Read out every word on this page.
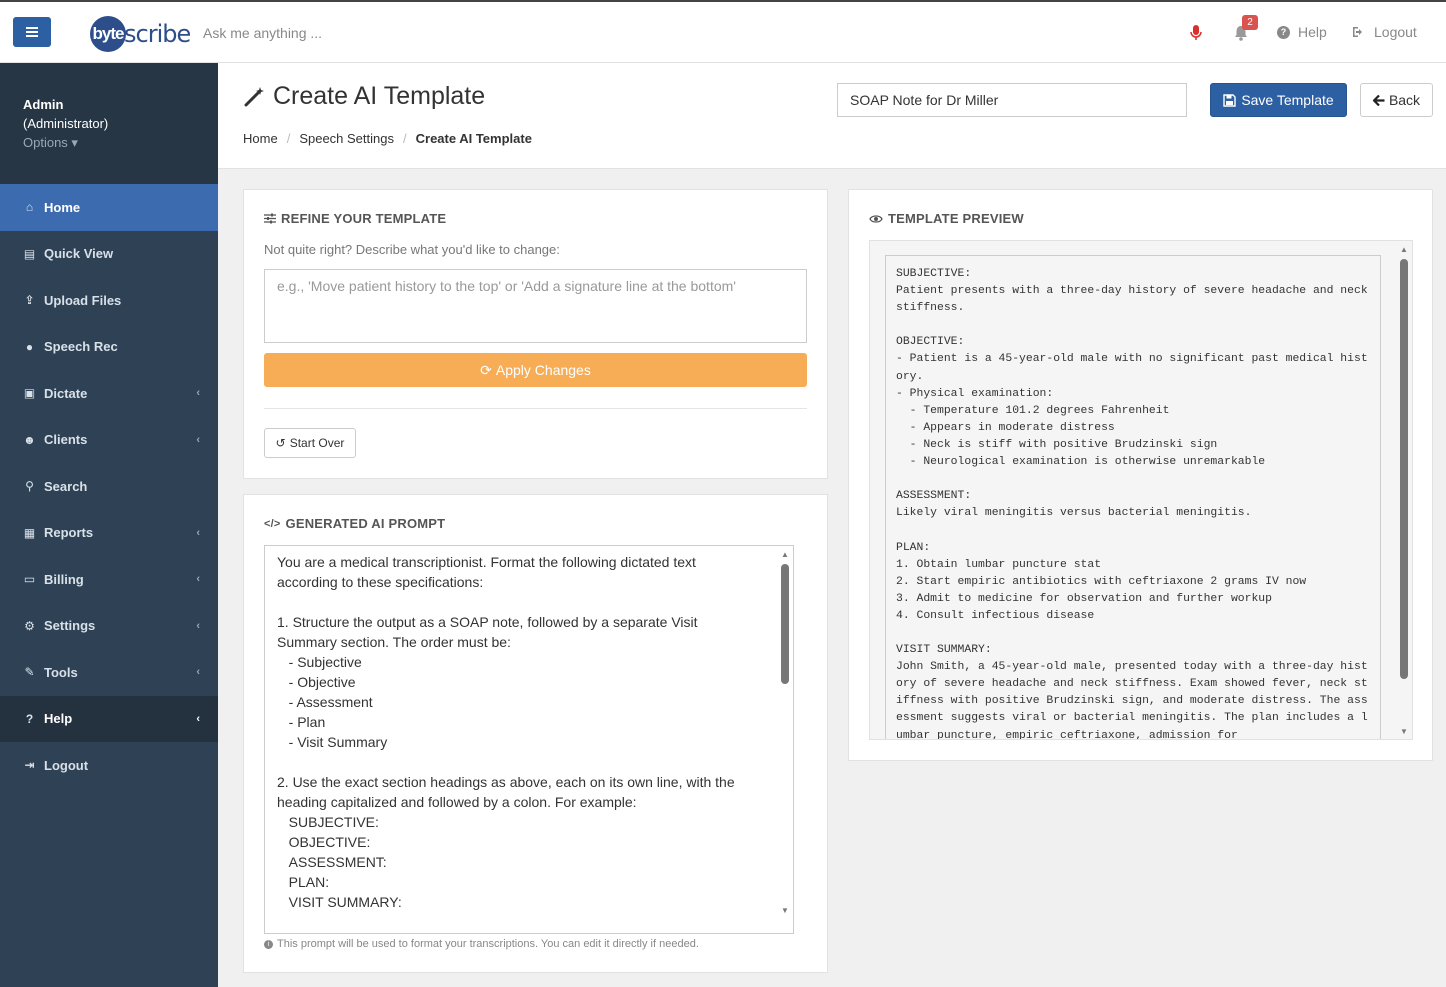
byte scribe Ask me anything ...
2
? Help	Logout
Admin
(Administrator)
Options ▾
⌂ Home
▤ Quick View
⇪ Upload Files
● Speech Rec
▣ Dictate	‹
☻ Clients	‹
⚲ Search
▦ Reports	‹
▭ Billing	‹
⚙ Settings	‹
✎ Tools	‹
? Help	‹
⇥ Logout
Create AI Template
Home / Speech Settings / Create AI Template
SOAP Note for Dr Miller	Save Template	Back
REFINE YOUR TEMPLATE
Not quite right? Describe what you'd like to change:
e.g., 'Move patient history to the top' or 'Add a signature line at the bottom'
⟳ Apply Changes
↺ Start Over
</> GENERATED AI PROMPT
You are a medical transcriptionist. Format the following dictated text according to these specifications:

1. Structure the output as a SOAP note, followed by a separate Visit Summary section. The order must be:
- Subjective
- Objective
- Assessment
- Plan
- Visit Summary

2. Use the exact section headings as above, each on its own line, with the heading capitalized and followed by a colon. For example:
SUBJECTIVE:
OBJECTIVE:
ASSESSMENT:
PLAN:
VISIT SUMMARY:
▲
▼
i This prompt will be used to format your transcriptions. You can edit it directly if needed.
TEMPLATE PREVIEW
SUBJECTIVE:
Patient presents with a three-day history of severe headache and neck stiffness.

OBJECTIVE:
- Patient is a 45-year-old male with no significant past medical history.
- Physical examination:
- Temperature 101.2 degrees Fahrenheit
- Appears in moderate distress
- Neck is stiff with positive Brudzinski sign
- Neurological examination is otherwise unremarkable

ASSESSMENT:
Likely viral meningitis versus bacterial meningitis.

PLAN:
1. Obtain lumbar puncture stat
2. Start empiric antibiotics with ceftriaxone 2 grams IV now
3. Admit to medicine for observation and further workup
4. Consult infectious disease

VISIT SUMMARY:
John Smith, a 45-year-old male, presented today with a three-day history of severe headache and neck stiffness. Exam showed fever, neck stiffness with positive Brudzinski sign, and moderate distress. The assessment suggests viral or bacterial meningitis. The plan includes a lumbar puncture, empiric ceftriaxone, admission for
▲
▼
